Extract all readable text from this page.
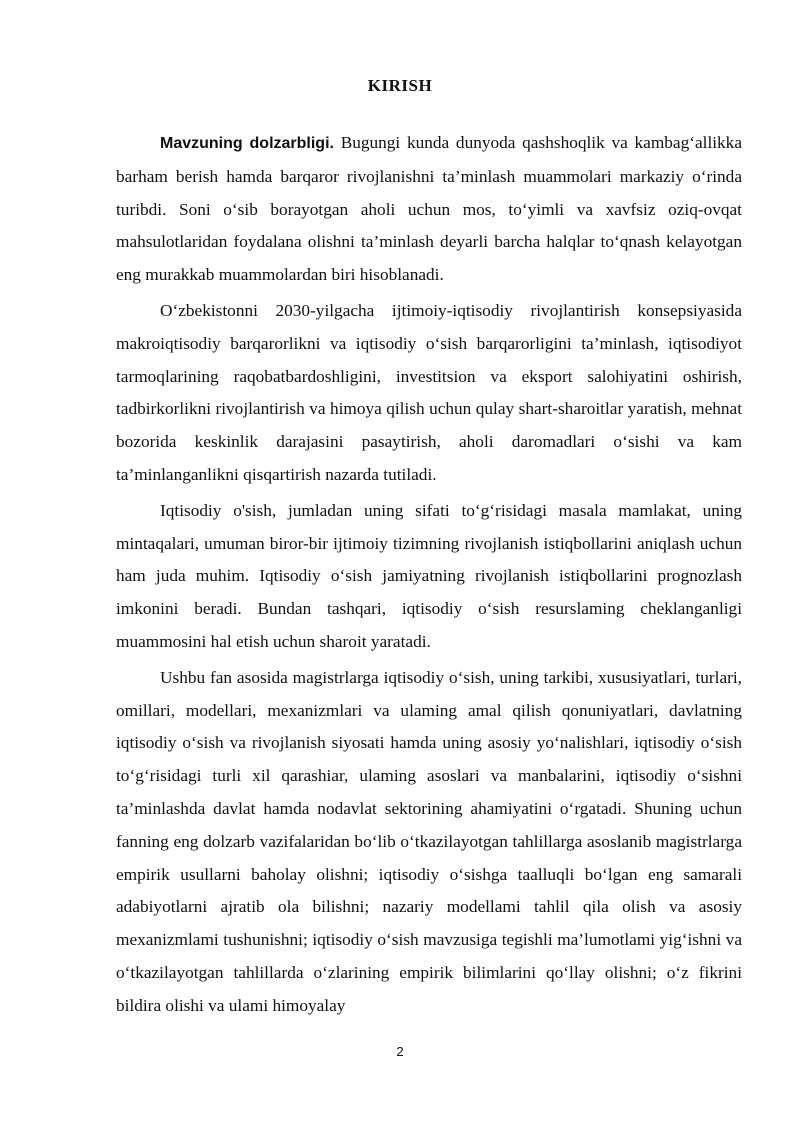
KIRISH

Mavzuning dolzarbligi. Bugungi kunda dunyoda qashshoqlik va kambag‘allikka barham berish hamda barqaror rivojlanishni ta’minlash muammolari markaziy o‘rinda turibdi. Soni o‘sib borayotgan aholi uchun mos, to‘yimli va xavfsiz oziq-ovqat mahsulotlaridan foydalana olishni ta’minlash deyarli barcha halqlar to‘qnash kelayotgan eng murakkab muammolardan biri hisoblanadi.

O‘zbekistonni 2030-yilgacha ijtimoiy-iqtisodiy rivojlantirish konsepsiyasida makroiqtisodiy barqarorlikni va iqtisodiy o‘sish barqarorligini ta’minlash, iqtisodiyot tarmoqlarining raqobatbardoshligini, investitsion va eksport salohiyatini oshirish, tadbirkorlikni rivojlantirish va himoya qilish uchun qulay shart-sharoitlar yaratish, mehnat bozorida keskinlik darajasini pasaytirish, aholi daromadlari o‘sishi va kam ta’minlanganlikni qisqartirish nazarda tutiladi.

Iqtisodiy o'sish, jumladan uning sifati to‘g‘risidagi masala mamlakat, uning mintaqalari, umuman biror-bir ijtimoiy tizimning rivojlanish istiqbollarini aniqlash uchun ham juda muhim. Iqtisodiy o‘sish jamiyatning rivojlanish istiqbollarini prognozlash imkonini beradi. Bundan tashqari, iqtisodiy o‘sish resurslaming cheklanganligi muammosini hal etish uchun sharoit yaratadi.

Ushbu fan asosida magistrlarga iqtisodiy o‘sish, uning tarkibi, xususiyatlari, turlari, omillari, modellari, mexanizmlari va ulaming amal qilish qonuniyatlari, davlatning iqtisodiy o‘sish va rivojlanish siyosati hamda uning asosiy yo‘nalishlari, iqtisodiy o‘sish to‘g‘risidagi turli xil qarashiar, ulaming asoslari va manbalarini, iqtisodiy o‘sishni ta’minlashda davlat hamda nodavlat sektorining ahamiyatini o‘rgatadi. Shuning uchun fanning eng dolzarb vazifalaridan bo‘lib o‘tkazilayotgan tahlillarga asoslanib magistrlarga empirik usullarni baholay olishni; iqtisodiy o‘sishga taalluqli bo‘lgan eng samarali adabiyotlarni ajratib ola bilishni; nazariy modellami tahlil qila olish va asosiy mexanizmlami tushunishni; iqtisodiy o‘sish mavzusiga tegishli ma’lumotlami yig‘ishni va o‘tkazilayotgan tahlillarda o‘zlarining empirik bilimlarini qo‘llay olishni; o‘z fikrini bildira olishi va ulami himoyalay

2
